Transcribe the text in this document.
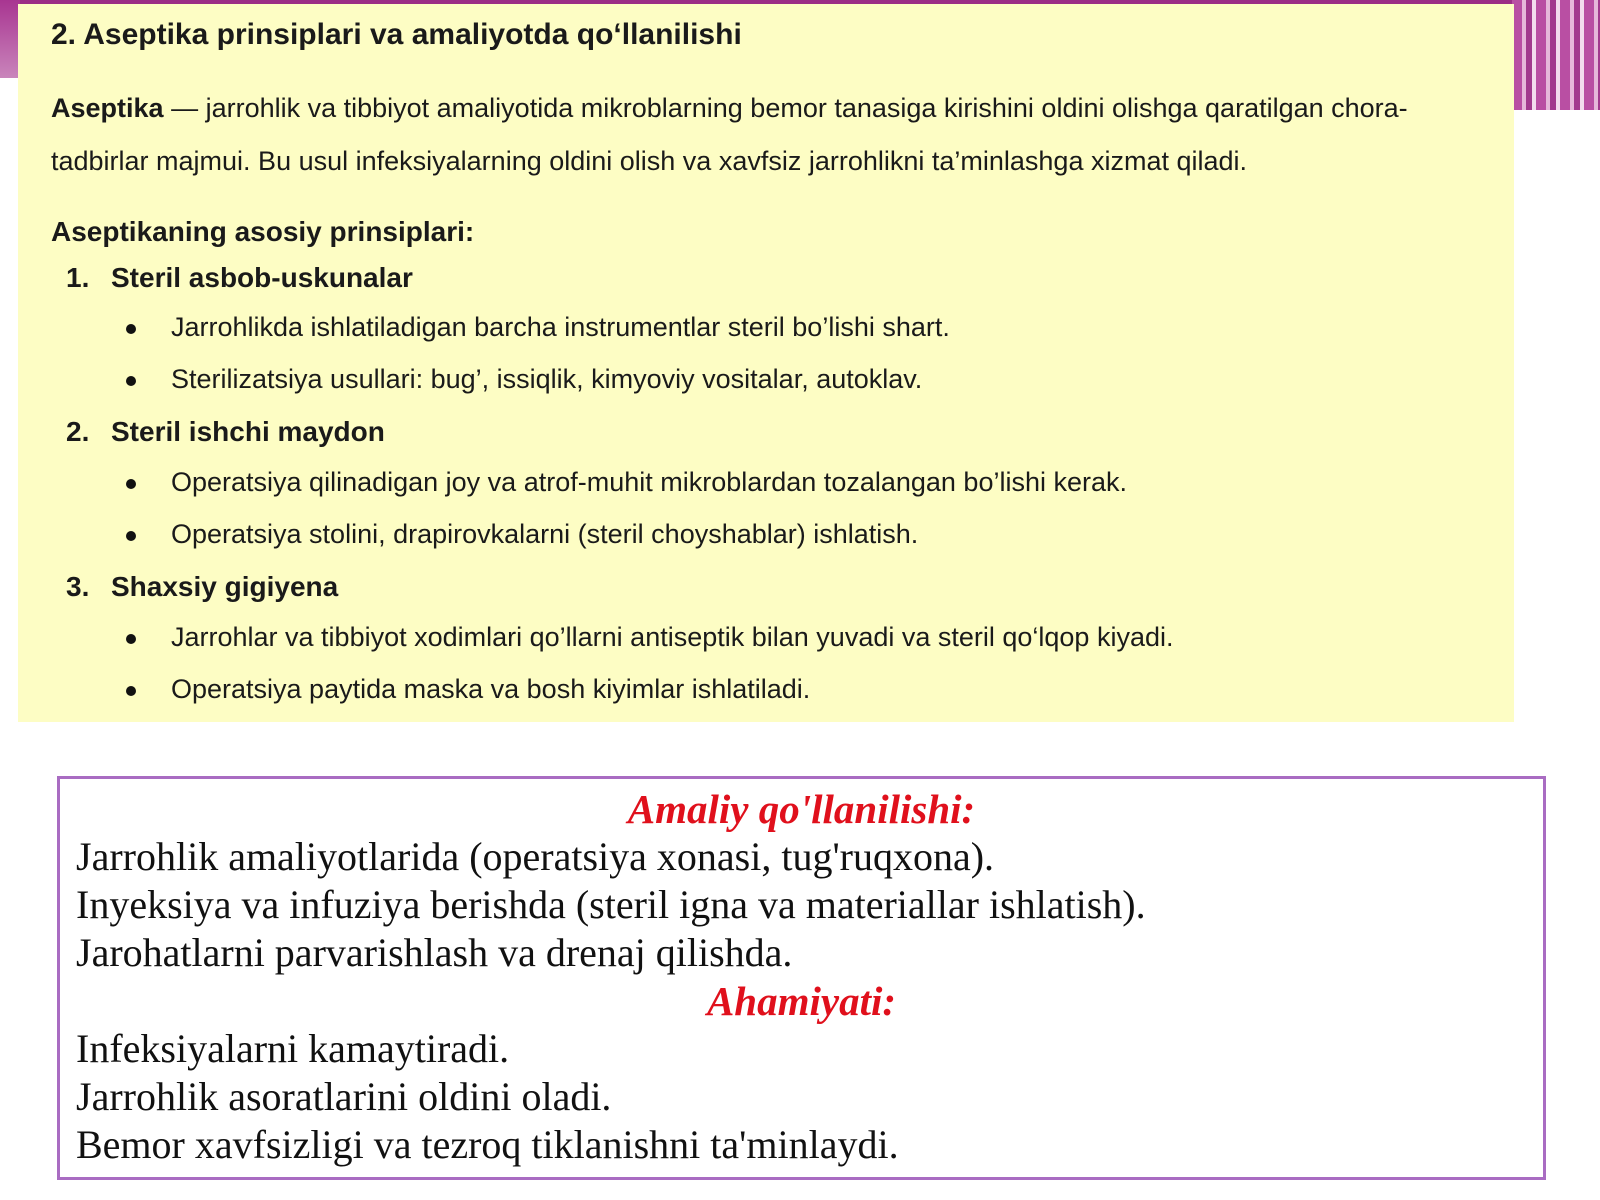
2. Aseptika prinsiplari va amaliyotda qo‘llanilishi

Aseptika — jarrohlik va tibbiyot amaliyotida mikroblarning bemor tanasiga kirishini oldini olishga qaratilgan chora-tadbirlar majmui. Bu usul infeksiyalarning oldini olish va xavfsiz jarrohlikni ta’minlashga xizmat qiladi.

Aseptikaning asosiy prinsiplari:
1. Steril asbob-uskunalar
Jarrohlikda ishlatiladigan barcha instrumentlar steril bo’lishi shart.
Sterilizatsiya usullari: bug’, issiqlik, kimyoviy vositalar, autoklav.
2. Steril ishchi maydon
Operatsiya qilinadigan joy va atrof-muhit mikroblardan tozalangan bo’lishi kerak.
Operatsiya stolini, drapirovkalarni (steril choyshablar) ishlatish.
3. Shaxsiy gigiyena
Jarrohlar va tibbiyot xodimlari qo’llarni antiseptik bilan yuvadi va steril qo‘lqop kiyadi.
Operatsiya paytida maska va bosh kiyimlar ishlatiladi.
Amaliy qo'llanilishi:
Jarrohlik amaliyotlarida (operatsiya xonasi, tug'ruqxona).
Inyeksiya va infuziya berishda (steril igna va materiallar ishlatish).
Jarohatlarni parvarishlash va drenaj qilishda.
Ahamiyati:
Infeksiyalarni kamaytiradi.
Jarrohlik asoratlarini oldini oladi.
Bemor xavfsizligi va tezroq tiklanishni ta'minlaydi.
